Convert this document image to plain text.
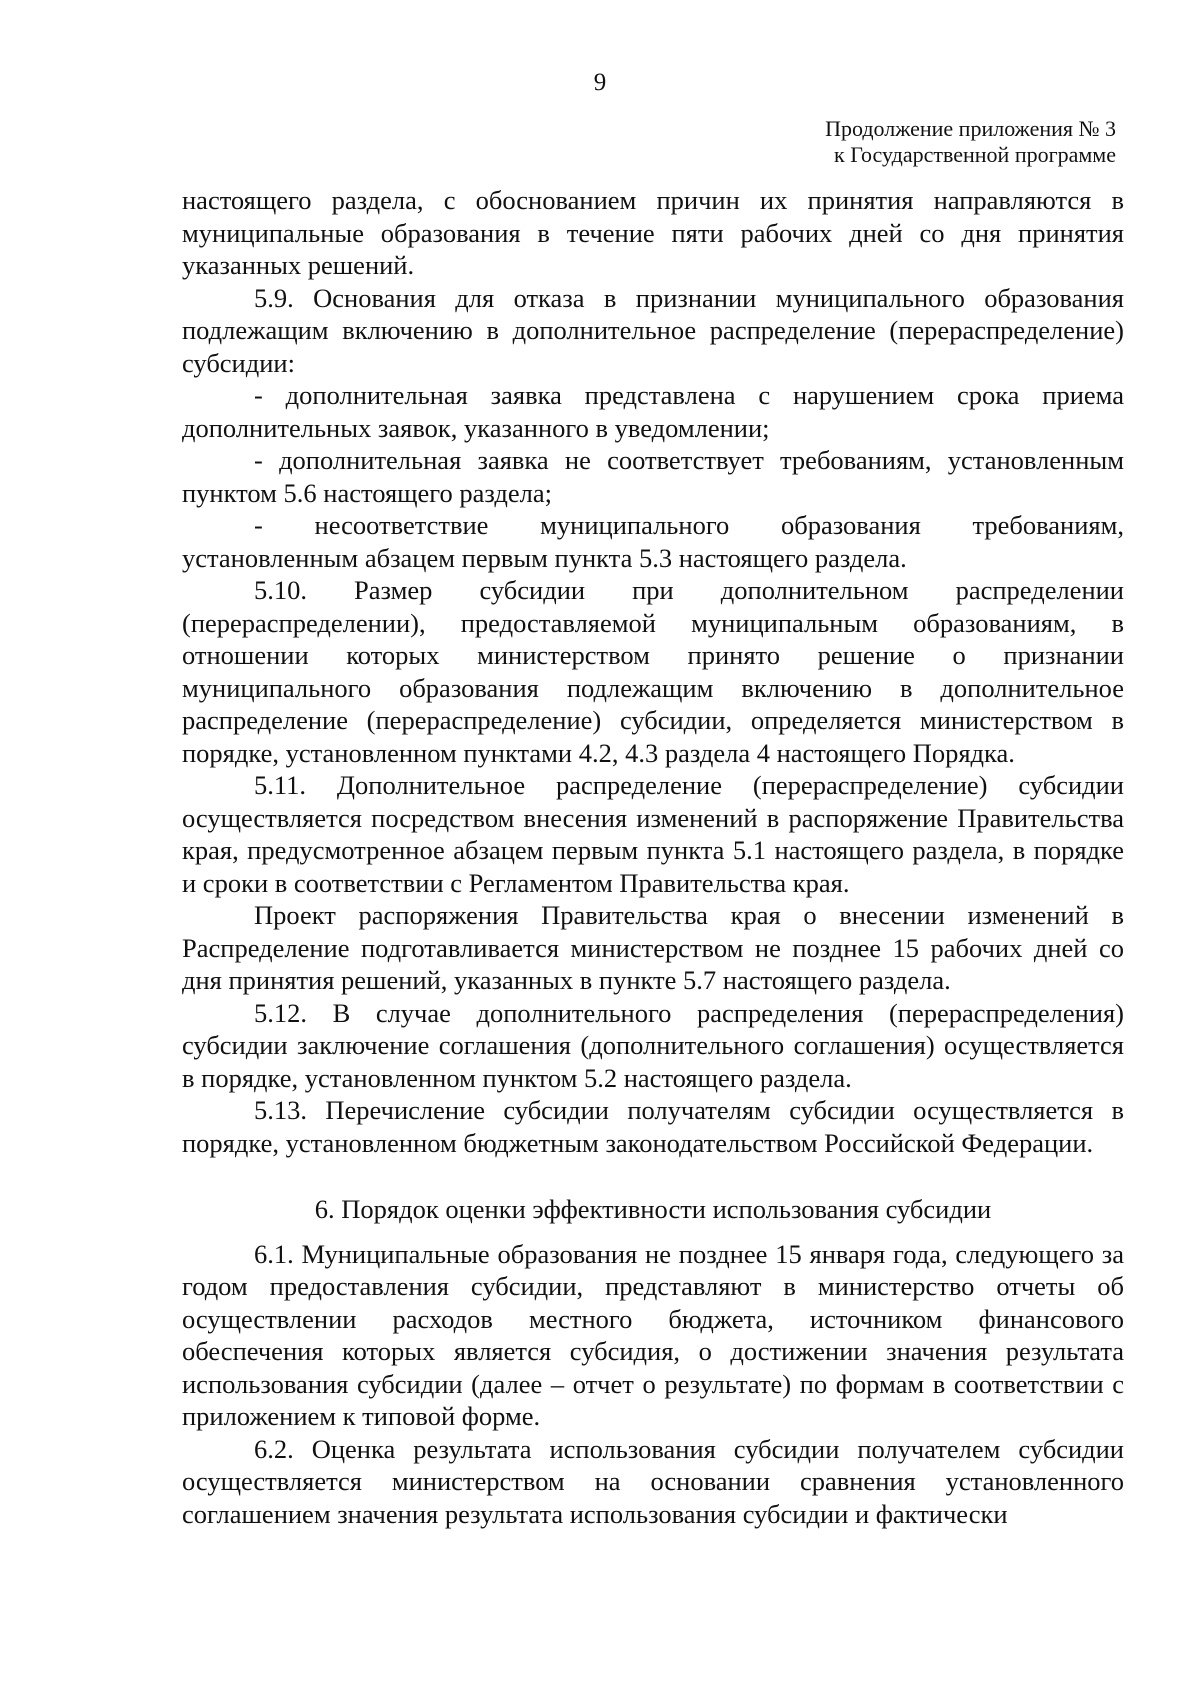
9
Продолжение приложения № 3
к Государственной программе

настоящего раздела, с обоснованием причин их принятия направляются в муниципальные образования в течение пяти рабочих дней со дня принятия указанных решений.

5.9. Основания для отказа в признании муниципального образования подлежащим включению в дополнительное распределение (перераспределение) субсидии:

- дополнительная заявка представлена с нарушением срока приема дополнительных заявок, указанного в уведомлении;

- дополнительная заявка не соответствует требованиям, установленным пунктом 5.6 настоящего раздела;

- несоответствие муниципального образования требованиям, установленным абзацем первым пункта 5.3 настоящего раздела.

5.10. Размер субсидии при дополнительном распределении (перераспределении), предоставляемой муниципальным образованиям, в отношении которых министерством принято решение о признании муниципального образования подлежащим включению в дополнительное распределение (перераспределение) субсидии, определяется министерством в порядке, установленном пунктами 4.2, 4.3 раздела 4 настоящего Порядка.

5.11. Дополнительное распределение (перераспределение) субсидии осуществляется посредством внесения изменений в распоряжение Правительства края, предусмотренное абзацем первым пункта 5.1 настоящего раздела, в порядке и сроки в соответствии с Регламентом Правительства края.

Проект распоряжения Правительства края о внесении изменений в Распределение подготавливается министерством не позднее 15 рабочих дней со дня принятия решений, указанных в пункте 5.7 настоящего раздела.

5.12. В случае дополнительного распределения (перераспределения) субсидии заключение соглашения (дополнительного соглашения) осуществляется в порядке, установленном пунктом 5.2 настоящего раздела.

5.13. Перечисление субсидии получателям субсидии осуществляется в порядке, установленном бюджетным законодательством Российской Федерации.

6. Порядок оценки эффективности использования субсидии

6.1. Муниципальные образования не позднее 15 января года, следующего за годом предоставления субсидии, представляют в министерство отчеты об осуществлении расходов местного бюджета, источником финансового обеспечения которых является субсидия, о достижении значения результата использования субсидии (далее – отчет о результате) по формам в соответствии с приложением к типовой форме.

6.2. Оценка результата использования субсидии получателем субсидии осуществляется министерством на основании сравнения установленного соглашением значения результата использования субсидии и фактически
